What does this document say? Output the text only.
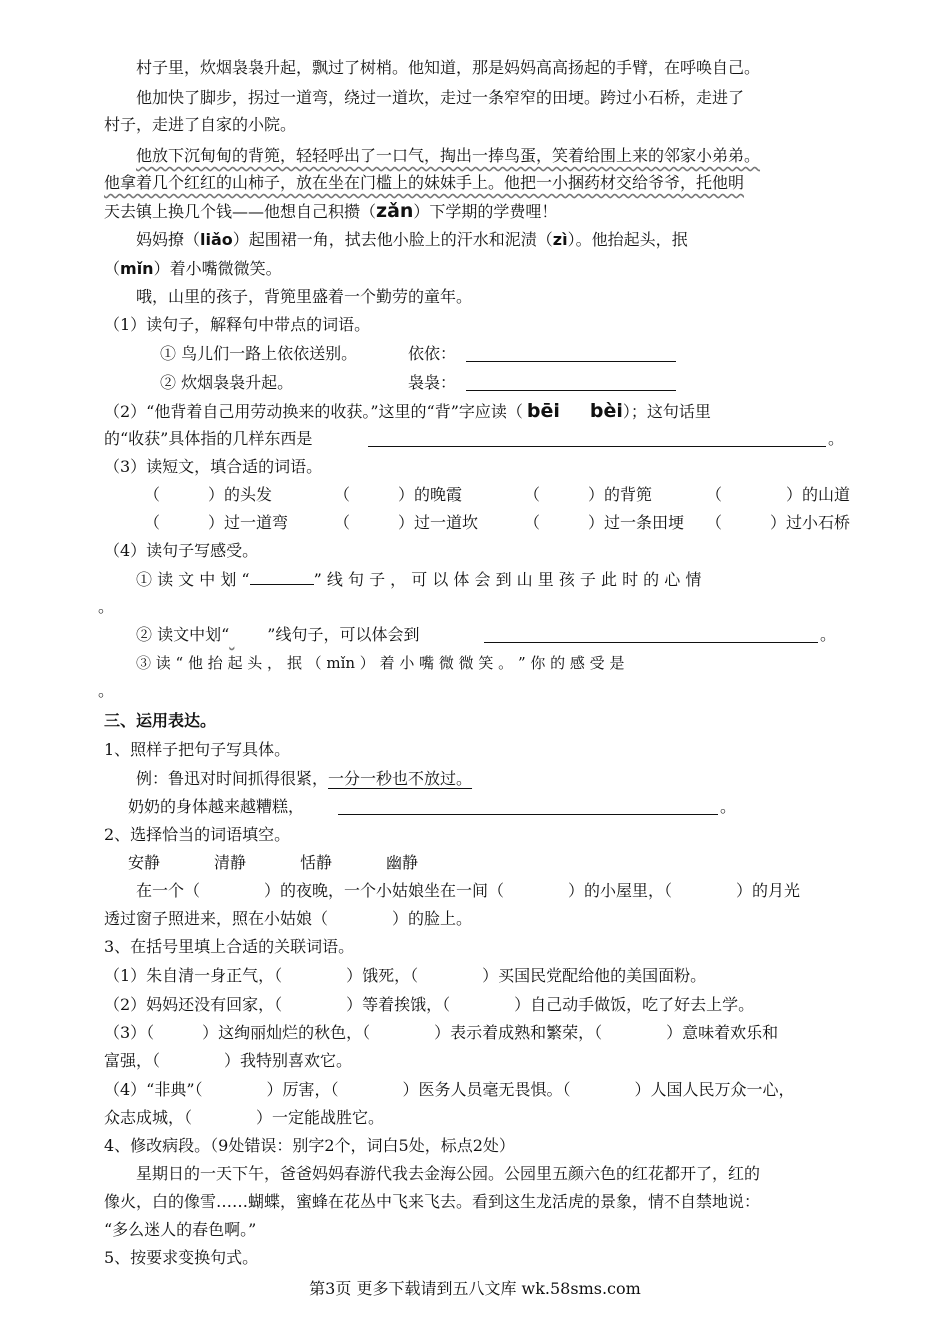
村子里，炊烟袅袅升起，飘过了树梢。他知道，那是妈妈高高扬起的手臂，在呼唤自己。
他加快了脚步，拐过一道弯，绕过一道坎，走过一条窄窄的田埂。跨过小石桥，走进了
村子，走进了自家的小院。
他放下沉甸甸的背篼，轻轻呼出了一口气，掏出一捧鸟蛋，笑着给围上来的邻家小弟弟。
他拿着几个红红的山柿子，放在坐在门槛上的妹妹手上。他把一小捆药材交给爷爷，托他明
天去镇上换几个钱——他想自己积攒（zǎn）下学期的学费哩！
妈妈撩（liǎo）起围裙一角，拭去他小脸上的汗水和泥渍（zì）。他抬起头，抿
（mǐn）着小嘴微微笑。
哦，山里的孩子，背篼里盛着一个勤劳的童年。
（1）读句子，解释句中带点的词语。
① 鸟儿们一路上依依送别。	依依：
② 炊烟袅袅升起。	袅袅：
（2）“他背着自己用劳动换来的收获。”这里的“背”字应读（ bēi bèi）；这句话里
的“收获”具体指的几样东西是	。
（3）读短文，填合适的词语。
（　　　）的头发	（　　　）的晚霞	（　　　）的背篼	（　　　　）的山道
（　　　）过一道弯	（　　　）过一道坎	（　　　）过一条田埂 （　　　）过小石桥
（4）读句子写感受。
① 读 文 中 划 “	” 线 句 子 ， 可 以 体 会 到 山 里 孩 子 此 时 的 心 情
。
② 读文中划“ ”线句子，可以体会到	。
③ 读 “ 他 抬 起 头 ， 抿 （ mǐn ） 着 小 嘴 微 微 笑 。 ” 你 的 感 受 是
。
三、运用表达。
1、照样子把句子写具体。
例：鲁迅对时间抓得很紧，一分一秒也不放过。
奶奶的身体越来越糟糕，	。
2、选择恰当的词语填空。
安静	清静	恬静	幽静
在一个（　　　　）的夜晚，一个小姑娘坐在一间（　　　　）的小屋里，（　　　　）的月光
透过窗子照进来，照在小姑娘（　　　　）的脸上。
3、在括号里填上合适的关联词语。
（1）朱自清一身正气，（　　　　）饿死，（　　　　）买国民党配给他的美国面粉。
（2）妈妈还没有回家，（　　　　）等着挨饿，（　　　　）自己动手做饭，吃了好去上学。
（3）（　　　）这绚丽灿烂的秋色，（　　　　）表示着成熟和繁荣，（　　　　）意味着欢乐和
富强，（　　　　）我特别喜欢它。
（4）“非典”（　　　　）厉害，（　　　　）医务人员毫无畏惧。（　　　　）人国人民万众一心，
众志成城，（　　　　）一定能战胜它。
4、修改病段。（9处错误：别字2个，词白5处，标点2处）
星期日的一天下午，爸爸妈妈春游代我去金海公园。公园里五颜六色的红花都开了，红的
像火，白的像雪……蝴蝶，蜜蜂在花丛中飞来飞去。看到这生龙活虎的景象，情不自禁地说：
“多么迷人的春色啊。”
5、按要求变换句式。
第3页 更多下载请到五八文库 wk.58sms.com
